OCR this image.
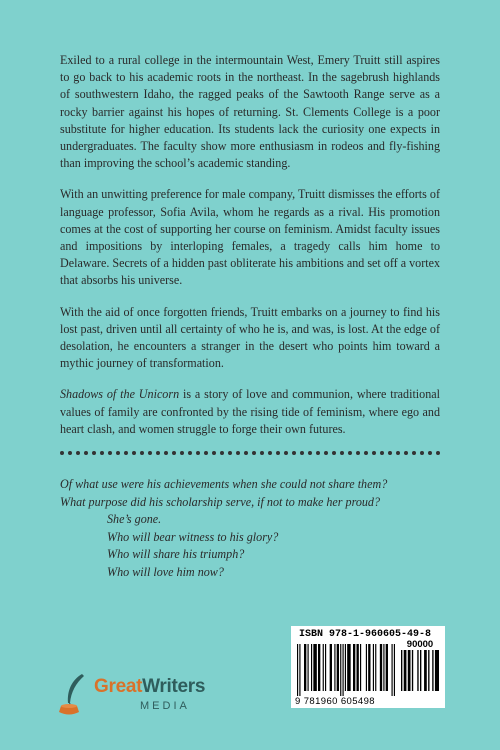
Exiled to a rural college in the intermountain West, Emery Truitt still aspires to go back to his academic roots in the northeast. In the sagebrush highlands of southwestern Idaho, the ragged peaks of the Sawtooth Range serve as a rocky barrier against his hopes of returning. St. Clements College is a poor substitute for higher education. Its students lack the curiosity one expects in undergraduates. The faculty show more enthusiasm in rodeos and fly-fishing than improving the school’s academic standing.

With an unwitting preference for male company, Truitt dismisses the efforts of language professor, Sofia Avila, whom he regards as a rival. His promotion comes at the cost of supporting her course on feminism. Amidst faculty issues and impositions by interloping females, a tragedy calls him home to Delaware. Secrets of a hidden past obliterate his ambitions and set off a vortex that absorbs his universe.

With the aid of once forgotten friends, Truitt embarks on a journey to find his lost past, driven until all certainty of who he is, and was, is lost. At the edge of desolation, he encounters a stranger in the desert who points him toward a mythic journey of transformation.

Shadows of the Unicorn is a story of love and communion, where traditional values of family are confronted by the rising tide of feminism, where ego and heart clash, and women struggle to forge their own futures.

Of what use were his achievements when she could not share them?
What purpose did his scholarship serve, if not to make her proud?
She’s gone.
Who will bear witness to his glory?
Who will share his triumph?
Who will love him now?
GreatWriters
MEDIA
ISBN 978-1-960605-49-8
90000
9 781960 605498
